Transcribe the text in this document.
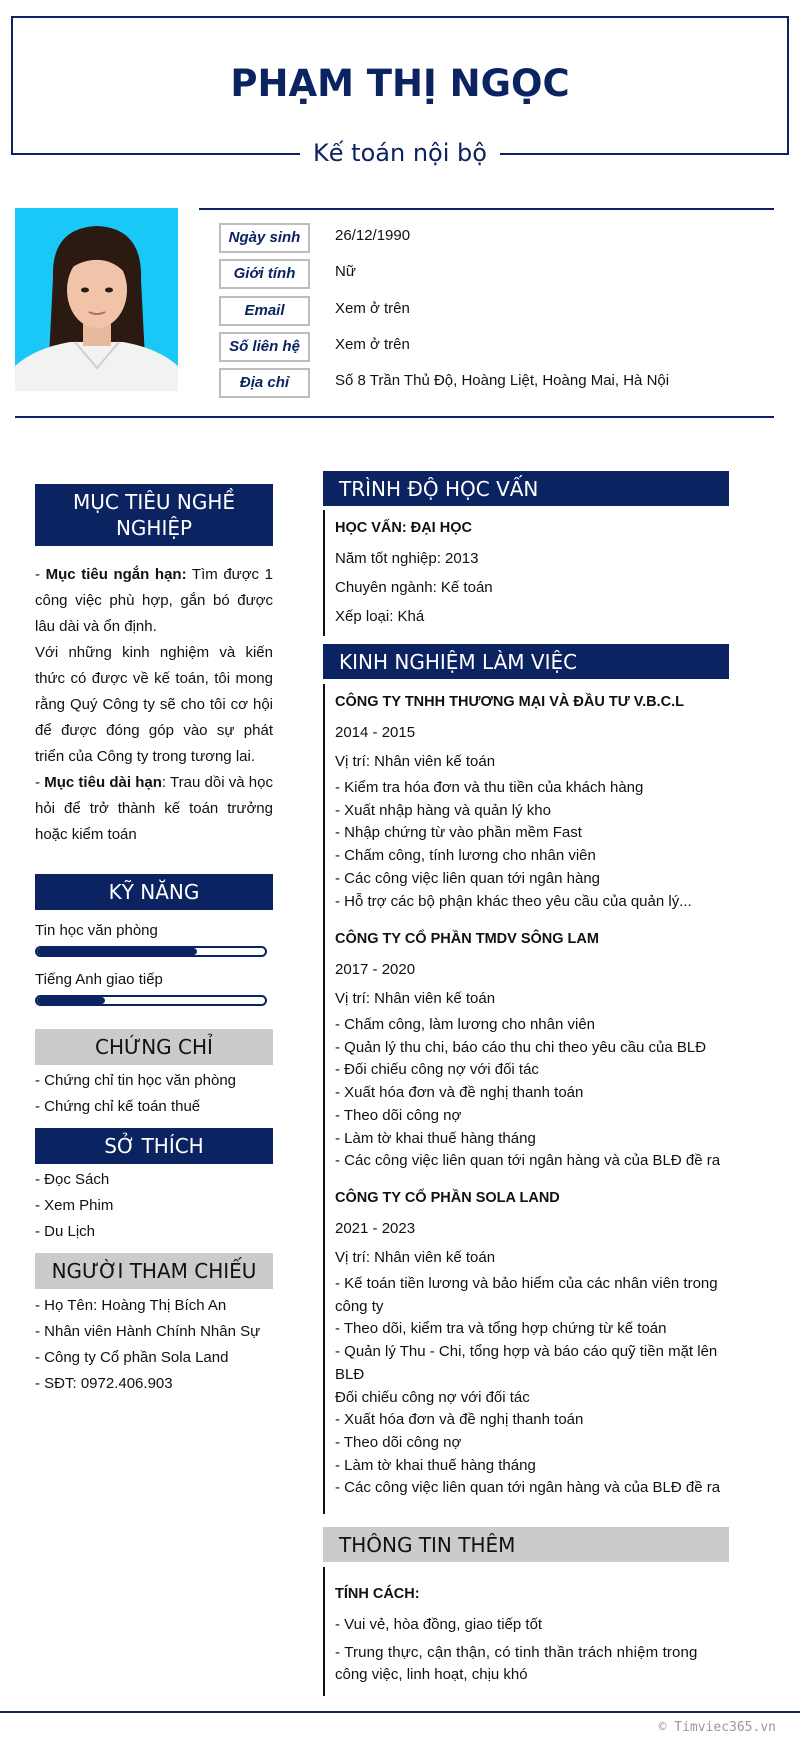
PHẠM THỊ NGỌC
Kế toán nội bộ
Ngày sinh	26/12/1990
Giới tính	Nữ
Email	Xem ở trên
Số liên hệ	Xem ở trên
Địa chỉ	Số 8 Trần Thủ Độ, Hoàng Liệt, Hoàng Mai, Hà Nội
MỤC TIÊU NGHỀ NGHIỆP

- Mục tiêu ngắn hạn: Tìm được 1 công việc phù hợp, gắn bó được lâu dài và ổn định.

Với những kinh nghiệm và kiến thức có được về kế toán, tôi mong rằng Quý Công ty sẽ cho tôi cơ hội để được đóng góp vào sự phát triển của Công ty trong tương lai.

- Mục tiêu dài hạn: Trau dồi và học hỏi để trở thành kế toán trưởng hoặc kiểm toán

KỸ NĂNG
Tin học văn phòng
Tiếng Anh giao tiếp
CHỨNG CHỈ
- Chứng chỉ tin học văn phòng
- Chứng chỉ kế toán thuế
SỞ THÍCH
- Đọc Sách
- Xem Phim
- Du Lịch
NGƯỜI THAM CHIẾU
- Họ Tên: Hoàng Thị Bích An
- Nhân viên Hành Chính Nhân Sự
- Công ty Cổ phần Sola Land
- SĐT: 0972.406.903
TRÌNH ĐỘ HỌC VẤN
HỌC VẤN: ĐẠI HỌC
Năm tốt nghiệp: 2013
Chuyên ngành: Kế toán
Xếp loại: Khá
KINH NGHIỆM LÀM VIỆC
CÔNG TY TNHH THƯƠNG MẠI VÀ ĐẦU TƯ V.B.C.L
2014 - 2015
Vị trí: Nhân viên kế toán
- Kiểm tra hóa đơn và thu tiền của khách hàng
- Xuất nhập hàng và quản lý kho
- Nhập chứng từ vào phần mềm Fast
- Chấm công, tính lương cho nhân viên
- Các công việc liên quan tới ngân hàng
- Hỗ trợ các bộ phận khác theo yêu cầu của quản lý...
CÔNG TY CỔ PHẦN TMDV SÔNG LAM
2017 - 2020
Vị trí: Nhân viên kế toán
- Chấm công, làm lương cho nhân viên
- Quản lý thu chi, báo cáo thu chi theo yêu cầu của BLĐ
- Đối chiếu công nợ với đối tác
- Xuất hóa đơn và đề nghị thanh toán
- Theo dõi công nợ
- Làm tờ khai thuế hàng tháng
- Các công việc liên quan tới ngân hàng và của BLĐ đề ra
CÔNG TY CỔ PHẦN SOLA LAND
2021 - 2023
Vị trí: Nhân viên kế toán
- Kế toán tiền lương và bảo hiểm của các nhân viên trong
công ty
- Theo dõi, kiểm tra và tổng hợp chứng từ kế toán
- Quản lý Thu - Chi, tổng hợp và báo cáo quỹ tiền mặt lên
BLĐ
Đối chiếu công nợ với đối tác
- Xuất hóa đơn và đề nghị thanh toán
- Theo dõi công nợ
- Làm tờ khai thuế hàng tháng
- Các công việc liên quan tới ngân hàng và của BLĐ đề ra
THÔNG TIN THÊM
TÍNH CÁCH:
- Vui vẻ, hòa đồng, giao tiếp tốt
- Trung thực, cận thận, có tinh thần trách nhiệm trong
công việc, linh hoạt, chịu khó
© Timviec365.vn
